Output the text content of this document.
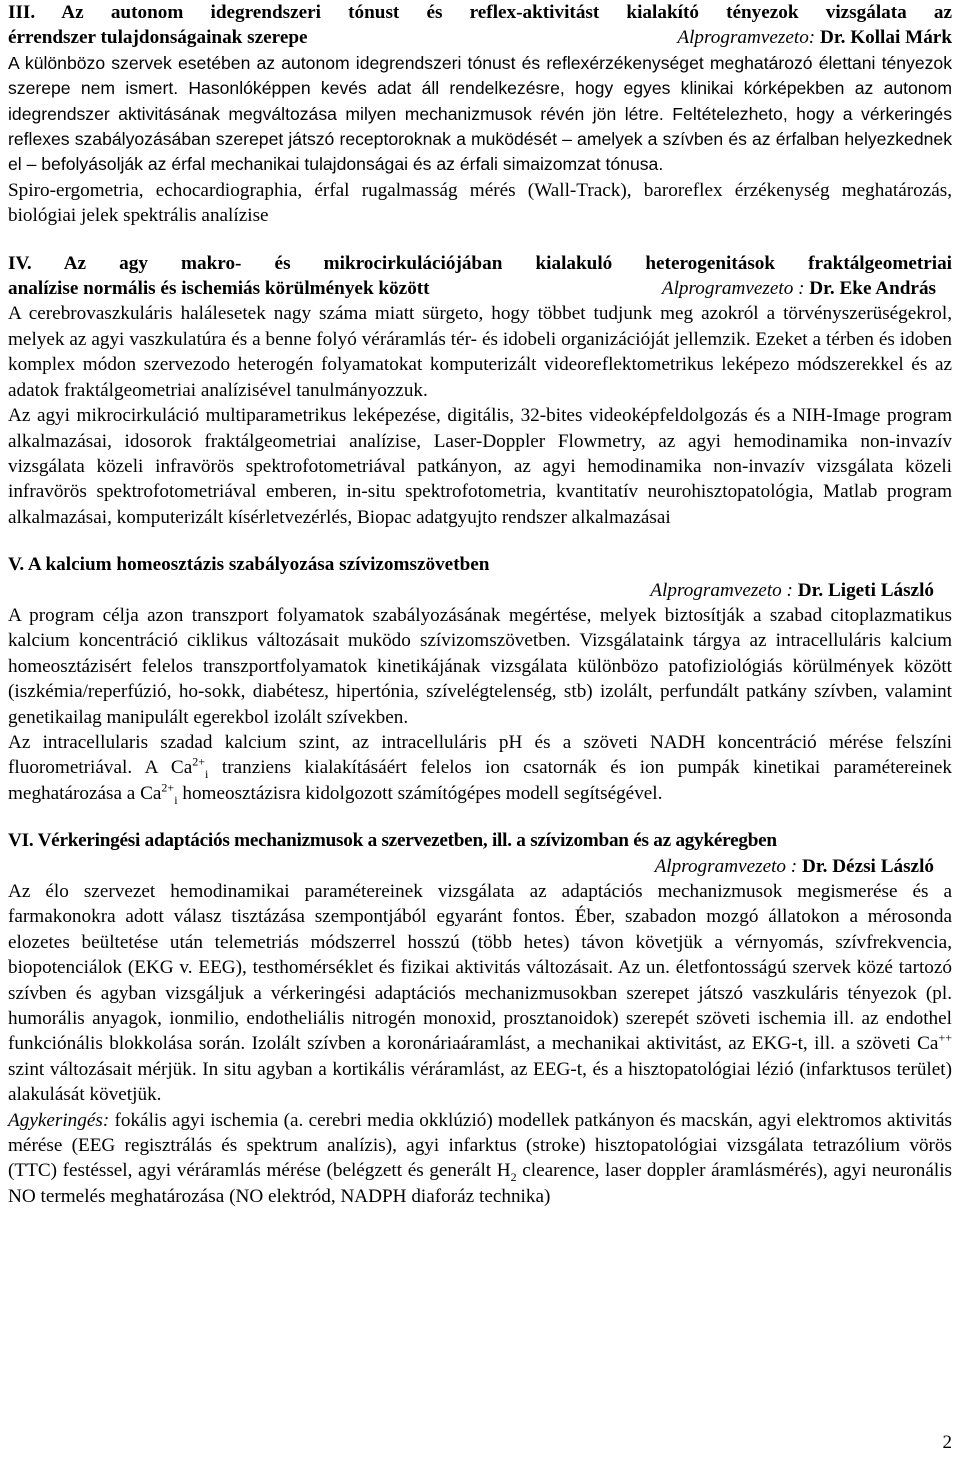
III. Az autonom idegrendszeri tónust és reflex-aktivitást kialakító tényezok vizsgálata az

érrendszer tulajdonságainak szerepe	Alprogramvezeto: Dr. Kollai Márk

A különbözo szervek esetében az autonom idegrendszeri tónust és reflexérzékenységet meghatározó élettani tényezok szerepe nem ismert. Hasonlóképpen kevés adat áll rendelkezésre, hogy egyes klinikai kórképekben az autonom idegrendszer aktivitásának megváltozása milyen mechanizmusok révén jön létre. Feltételezheto, hogy a vérkeringés reflexes szabályozásában szerepet játszó receptoroknak a muködését – amelyek a szívben és az érfalban helyezkednek el – befolyásolják az érfal mechanikai tulajdonságai és az érfali simaizomzat tónusa.

Spiro-ergometria, echocardiographia, érfal rugalmasság mérés (Wall-Track), baroreflex érzékenység meghatározás, biológiai jelek spektrális analízise

IV. Az agy makro- és mikrocirkulációjában kialakuló heterogenitások fraktálgeometriai

analízise normális és ischemiás körülmények között	Alprogramvezeto : Dr. Eke András

A cerebrovaszkuláris halálesetek nagy száma miatt sürgeto, hogy többet tudjunk meg azokról a törvényszerüségekrol, melyek az agyi vaszkulatúra és a benne folyó véráramlás tér- és idobeli organizációját jellemzik. Ezeket a térben és idoben komplex módon szervezodo heterogén folyamatokat komputerizált videoreflektometrikus leképezo módszerekkel és az adatok fraktálgeometriai analízisével tanulmányozzuk.

Az agyi mikrocirkuláció multiparametrikus leképezése, digitális, 32-bites videoképfeldolgozás és a NIH-Image program alkalmazásai, idosorok fraktálgeometriai analízise, Laser-Doppler Flowmetry, az agyi hemodinamika non-invazív vizsgálata közeli infravörös spektrofotometriával patkányon, az agyi hemodinamika non-invazív vizsgálata közeli infravörös spektrofotometriával emberen, in-situ spektrofotometria, kvantitatív neurohisztopatológia, Matlab program alkalmazásai, komputerizált kísérletvezérlés, Biopac adatgyujto rendszer alkalmazásai

V. A kalcium homeosztázis szabályozása szívizomszövetben

Alprogramvezeto : Dr. Ligeti László

A program célja azon transzport folyamatok szabályozásának megértése, melyek biztosítják a szabad citoplazmatikus kalcium koncentráció ciklikus változásait muködo szívizomszövetben. Vizsgálataink tárgya az intracelluláris kalcium homeosztázisért felelos transzportfolyamatok kinetikájának vizsgálata különbözo patofiziológiás körülmények között (iszkémia/reperfúzió, ho-sokk, diabétesz, hipertónia, szívelégtelenség, stb) izolált, perfundált patkány szívben, valamint genetikailag manipulált egerekbol izolált szívekben.

Az intracellularis szadad kalcium szint, az intracelluláris pH és a szöveti NADH koncentráció mérése felszíni fluorometriával. A $Ca^{2+}_i$ tranziens kialakításáért felelos ion csatornák és ion pumpák kinetikai paramétereinek meghatározása a $Ca^{2+}_i$ homeosztázisra kidolgozott számítógépes modell segítségével.

VI. Vérkeringési adaptációs mechanizmusok a szervezetben, ill. a szívizomban és az agykéregben

Alprogramvezeto : Dr. Dézsi László

Az élo szervezet hemodinamikai paramétereinek vizsgálata az adaptációs mechanizmusok megismerése és a farmakonokra adott válasz tisztázása szempontjából egyaránt fontos. Éber, szabadon mozgó állatokon a mérosonda elozetes beültetése után telemetriás módszerrel hosszú (több hetes) távon követjük a vérnyomás, szívfrekvencia, biopotenciálok (EKG v. EEG), testhomérséklet és fizikai aktivitás változásait. Az un. életfontosságú szervek közé tartozó szívben és agyban vizsgáljuk a vérkeringési adaptációs mechanizmusokban szerepet játszó vaszkuláris tényezok (pl. humorális anyagok, ionmilio, endotheliális nitrogén monoxid, prosztanoidok) szerepét szöveti ischemia ill. az endothel funkciónális blokkolása során. Izolált szívben a koronáriaáramlást, a mechanikai aktivitást, az EKG-t, ill. a szöveti Ca++ szint változásait mérjük. In situ agyban a kortikális véráramlást, az EEG-t, és a hisztopatológiai lézió (infarktusos terület) alakulását követjük.

Agykeringés: fokális agyi ischemia (a. cerebri media okklúzió) modellek patkányon és macskán, agyi elektromos aktivitás mérése (EEG regisztrálás és spektrum analízis), agyi infarktus (stroke) hisztopatológiai vizsgálata tetrazólium vörös (TTC) festéssel, agyi véráramlás mérése (belégzett és generált $H_2$ clearence, laser doppler áramlásmérés), agyi neuronális NO termelés meghatározása (NO elektród, NADPH diaforáz technika)

2
